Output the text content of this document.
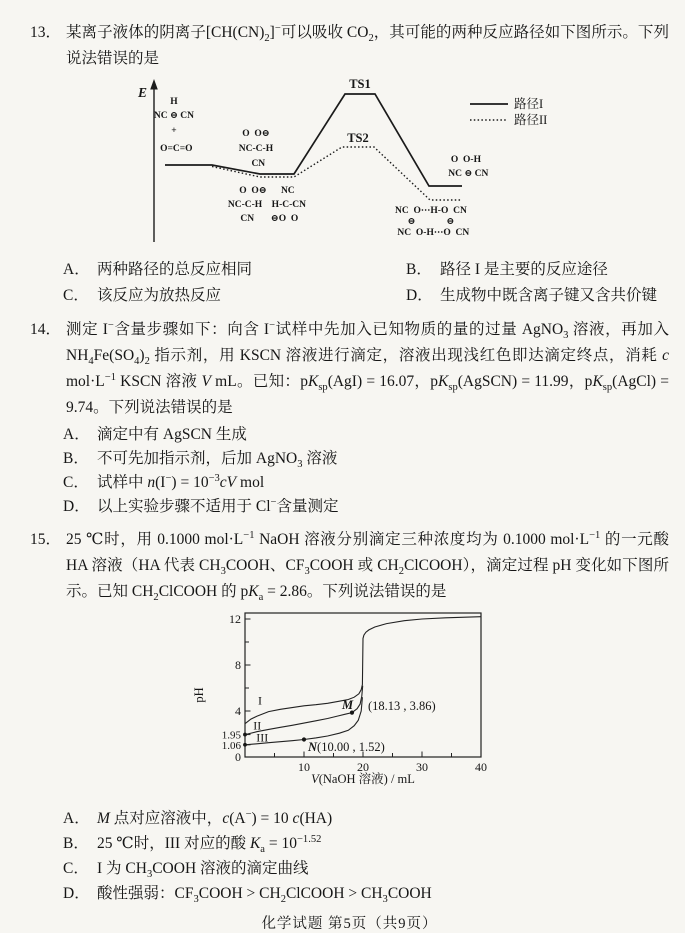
13． 某离子液体的阴离子$[CH(CN)_2]^-$可以吸收 $CO_2$，其可能的两种反应路径如下图所示。下列说法错误的是
E
TS1
TS2
路径I
路径II
H NC ⊖ CN + O=C=O
O  O⊖ NC-C-H CN
O  O⊖      NC NC-C-H    H-C-CN CN       ⊖O  O
O  O-H NC ⊖ CN
NC  O⋯H-O  CN ⊖             ⊖ NC  O-H⋯O  CN
A． 两种路径的总反应相同	B． 路径 I 是主要的反应途径
C． 该反应为放热反应	D． 生成物中既含离子键又含共价键
14． 测定 I−含量步骤如下：向含 I−试样中先加入已知物质的量的过量 AgNO$_3$ 溶液，再加入 $NH_4Fe(SO_4)_2$ 指示剂，用 KSCN 溶液进行滴定，溶液出现浅红色即达滴定终点，消耗 c $mol\cdot L^{-1}$ KSCN 溶液 V mL。已知：$pK_{sp}(AgI) = 16.07$，$pK_{sp}(AgSCN) = 11.99$，$pK_{sp}(AgCl) = 9.74$。下列说法错误的是
A． 滴定中有 AgSCN 生成
B． 不可先加指示剂，后加 AgNO$_3$ 溶液
C． 试样中 $n(I^-) = 10^{-3}cV$ mol
D． 以上实验步骤不适用于 Cl−含量测定
15． 25 ℃时，用 0.1000 $mol\cdot L^{-1}$ NaOH 溶液分别滴定三种浓度均为 0.1000 $mol\cdot L^{-1}$ 的一元酸 HA 溶液（HA 代表 $CH_3COOH$、$CF_3COOH$ 或 $CH_2ClCOOH$），滴定过程 pH 变化如下图所示。已知 $CH_2ClCOOH$ 的 $pK_a = 2.86$。下列说法错误的是
10	20	30	40
12
8
4
1.95
1.06
0
I
II
III
M (18.13 , 3.86)
N(10.00 , 1.52)
pH
V(NaOH 溶液) / mL
A． M 点对应溶液中，c(A−) = 10 c(HA)
B． 25 ℃时，III 对应的酸 $K_a = 10^{-1.52}$
C． I 为 $CH_3COOH$ 溶液的滴定曲线
D． 酸性强弱：$CF_3COOH$ > $CH_2ClCOOH$ > $CH_3COOH$
化学试题 第5页（共9页）
